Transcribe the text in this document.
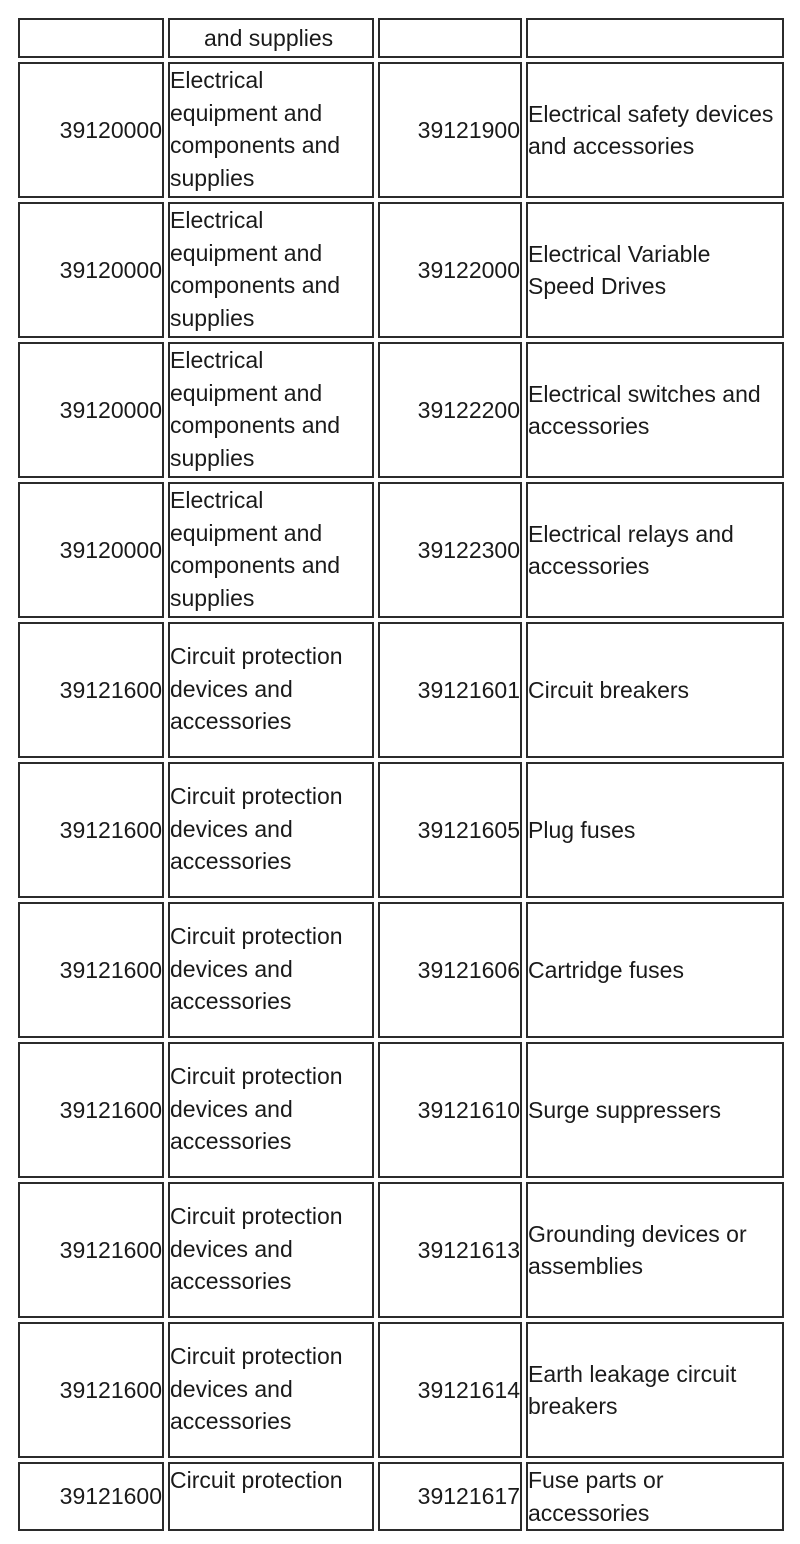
	and supplies		

39120000	Electrical equipment and components and supplies	39121900	Electrical safety devices and accessories

39120000	Electrical equipment and components and supplies	39122000	Electrical Variable Speed Drives

39120000	Electrical equipment and components and supplies	39122200	Electrical switches and accessories

39120000	Electrical equipment and components and supplies	39122300	Electrical relays and accessories

39121600	Circuit protection devices and accessories	39121601	Circuit breakers

39121600	Circuit protection devices and accessories	39121605	Plug fuses

39121600	Circuit protection devices and accessories	39121606	Cartridge fuses

39121600	Circuit protection devices and accessories	39121610	Surge suppressers

39121600	Circuit protection devices and accessories	39121613	Grounding devices or assemblies

39121600	Circuit protection devices and accessories	39121614	Earth leakage circuit breakers

39121600	Circuit protection	39121617	Fuse parts or accessories
